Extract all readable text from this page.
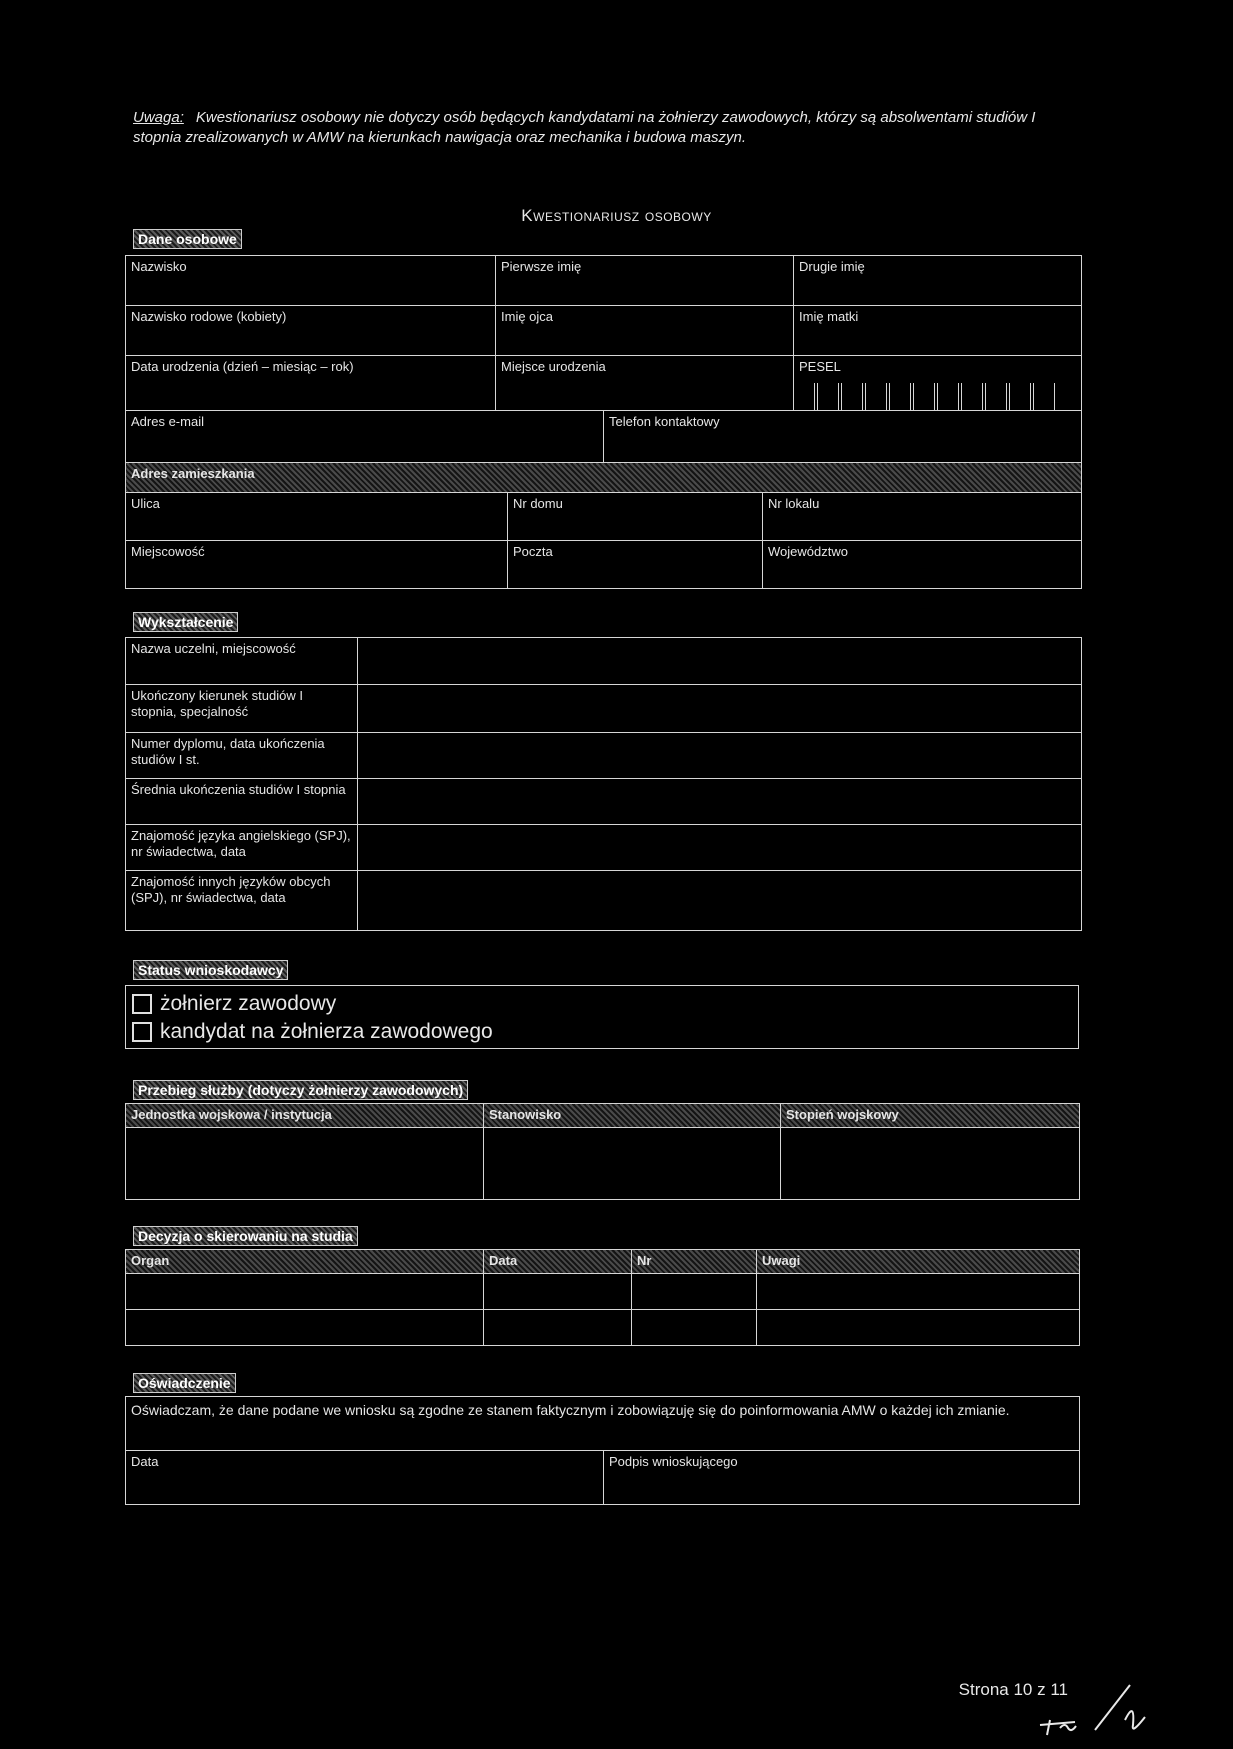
Uwaga: Kwestionariusz osobowy nie dotyczy osób będących kandydatami na żołnierzy zawodowych, którzy są absolwentami studiów I stopnia zrealizowanych w AMW na kierunkach nawigacja oraz mechanika i budowa maszyn.
Kwestionariusz osobowy
Dane osobowe
Nazwisko	Pierwsze imię	Drugie imię
Nazwisko rodowe (kobiety)	Imię ojca	Imię matki
Data urodzenia (dzień – miesiąc – rok)	Miejsce urodzenia	PESEL
Adres e-mail	Telefon kontaktowy
Adres zamieszkania		
Ulica	Nr domu	Nr lokalu
Miejscowość	Poczta	Województwo
Wykształcenie
Nazwa uczelni, miejscowość	
Ukończony kierunek studiów I stopnia, specjalność	
Numer dyplomu, data ukończenia studiów I st.	
Średnia ukończenia studiów I stopnia	
Znajomość języka angielskiego (SPJ), nr świadectwa, data	
Znajomość innych języków obcych (SPJ), nr świadectwa, data	
Status wnioskodawcy
żołnierz zawodowy
kandydat na żołnierza zawodowego
Przebieg służby (dotyczy żołnierzy zawodowych)
Jednostka wojskowa / instytucja	Stanowisko	Stopień wojskowy

Decyzja o skierowaniu na studia
Organ	Data	Nr	Uwagi

Oświadczenie
Oświadczam, że dane podane we wniosku są zgodne ze stanem faktycznym i zobowiązuję się do poinformowania AMW o każdej ich zmianie.
Data	Podpis wnioskującego
Strona 10 z 11
